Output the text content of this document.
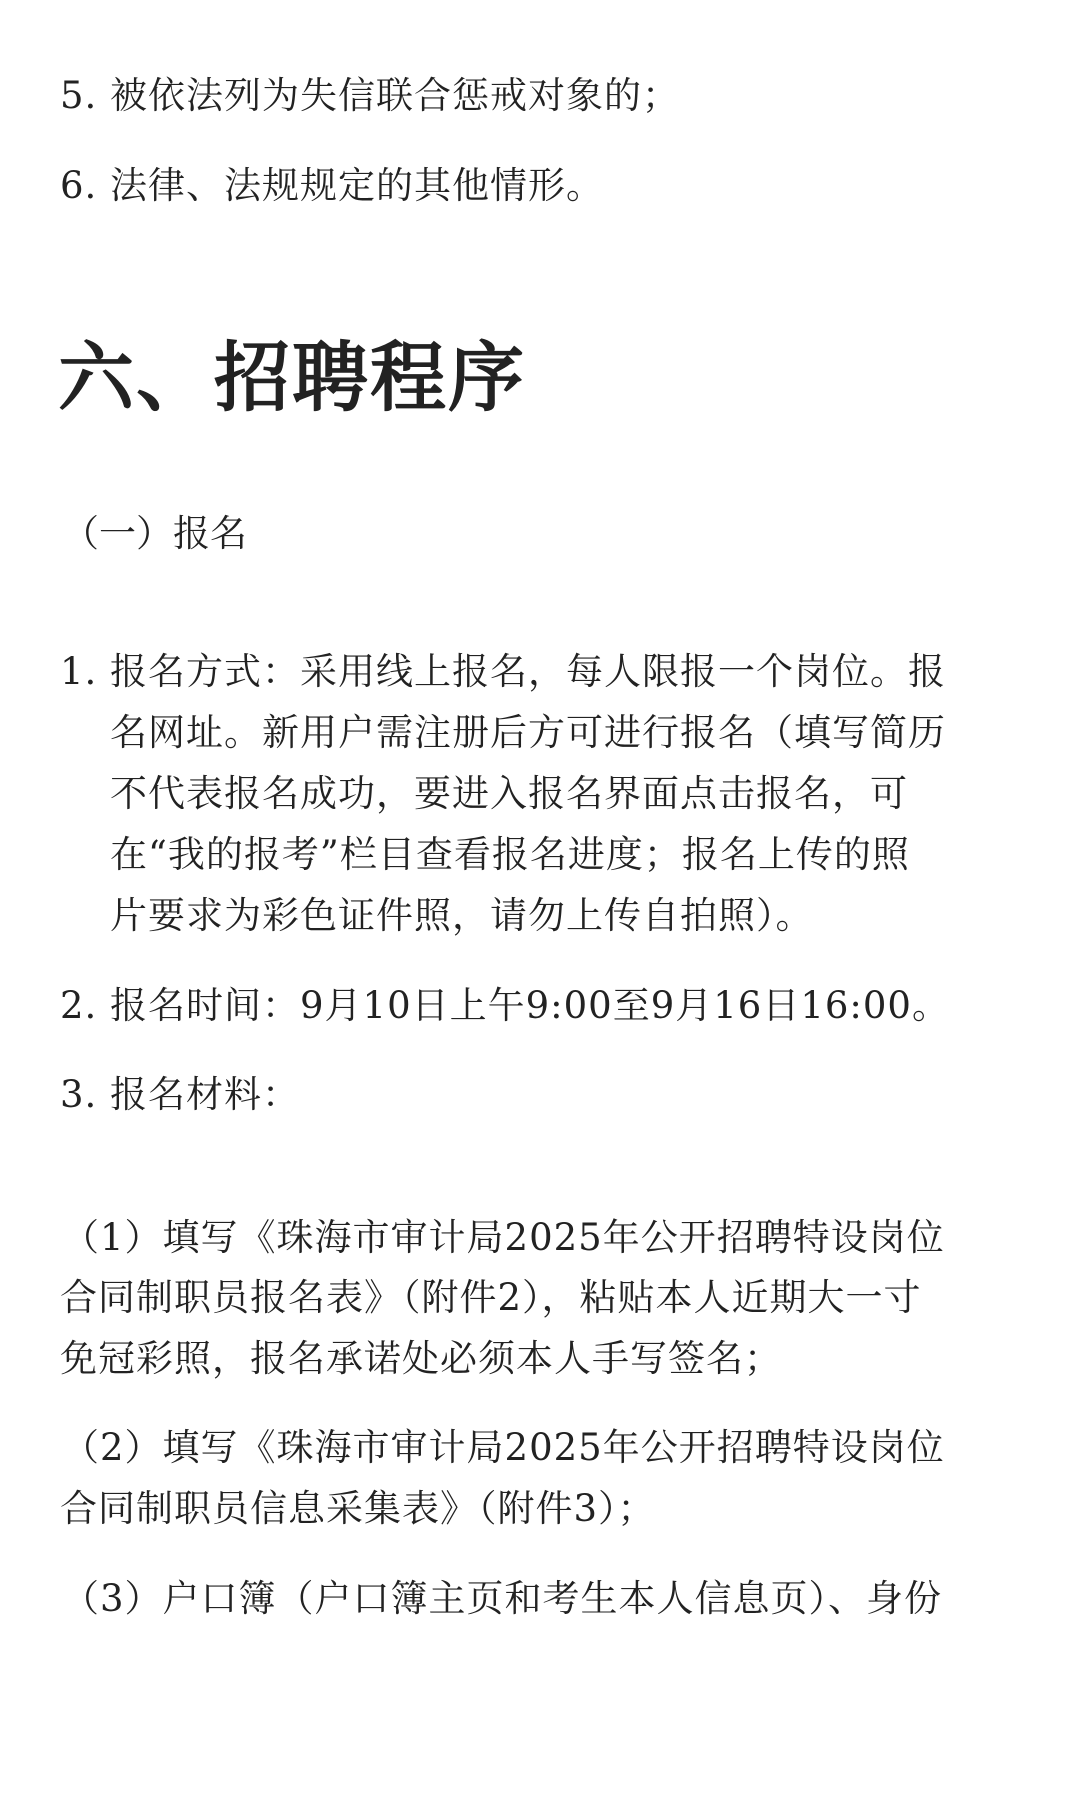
5. 被依法列为失信联合惩戒对象的；
6. 法律、法规规定的其他情形。
六、招聘程序
（一）报名
1. 报名方式：采用线上报名，每人限报一个岗位。报
名网址。新用户需注册后方可进行报名（填写简历
不代表报名成功，要进入报名界面点击报名，可
在“我的报考”栏目查看报名进度；报名上传的照
片要求为彩色证件照，请勿上传自拍照）。
2. 报名时间：9月10日上午9:00至9月16日16:00。
3. 报名材料：
（1）填写《珠海市审计局2025年公开招聘特设岗位
合同制职员报名表》（附件2），粘贴本人近期大一寸
免冠彩照，报名承诺处必须本人手写签名；
（2）填写《珠海市审计局2025年公开招聘特设岗位
合同制职员信息采集表》（附件3）；
（3）户口簿（户口簿主页和考生本人信息页）、身份
